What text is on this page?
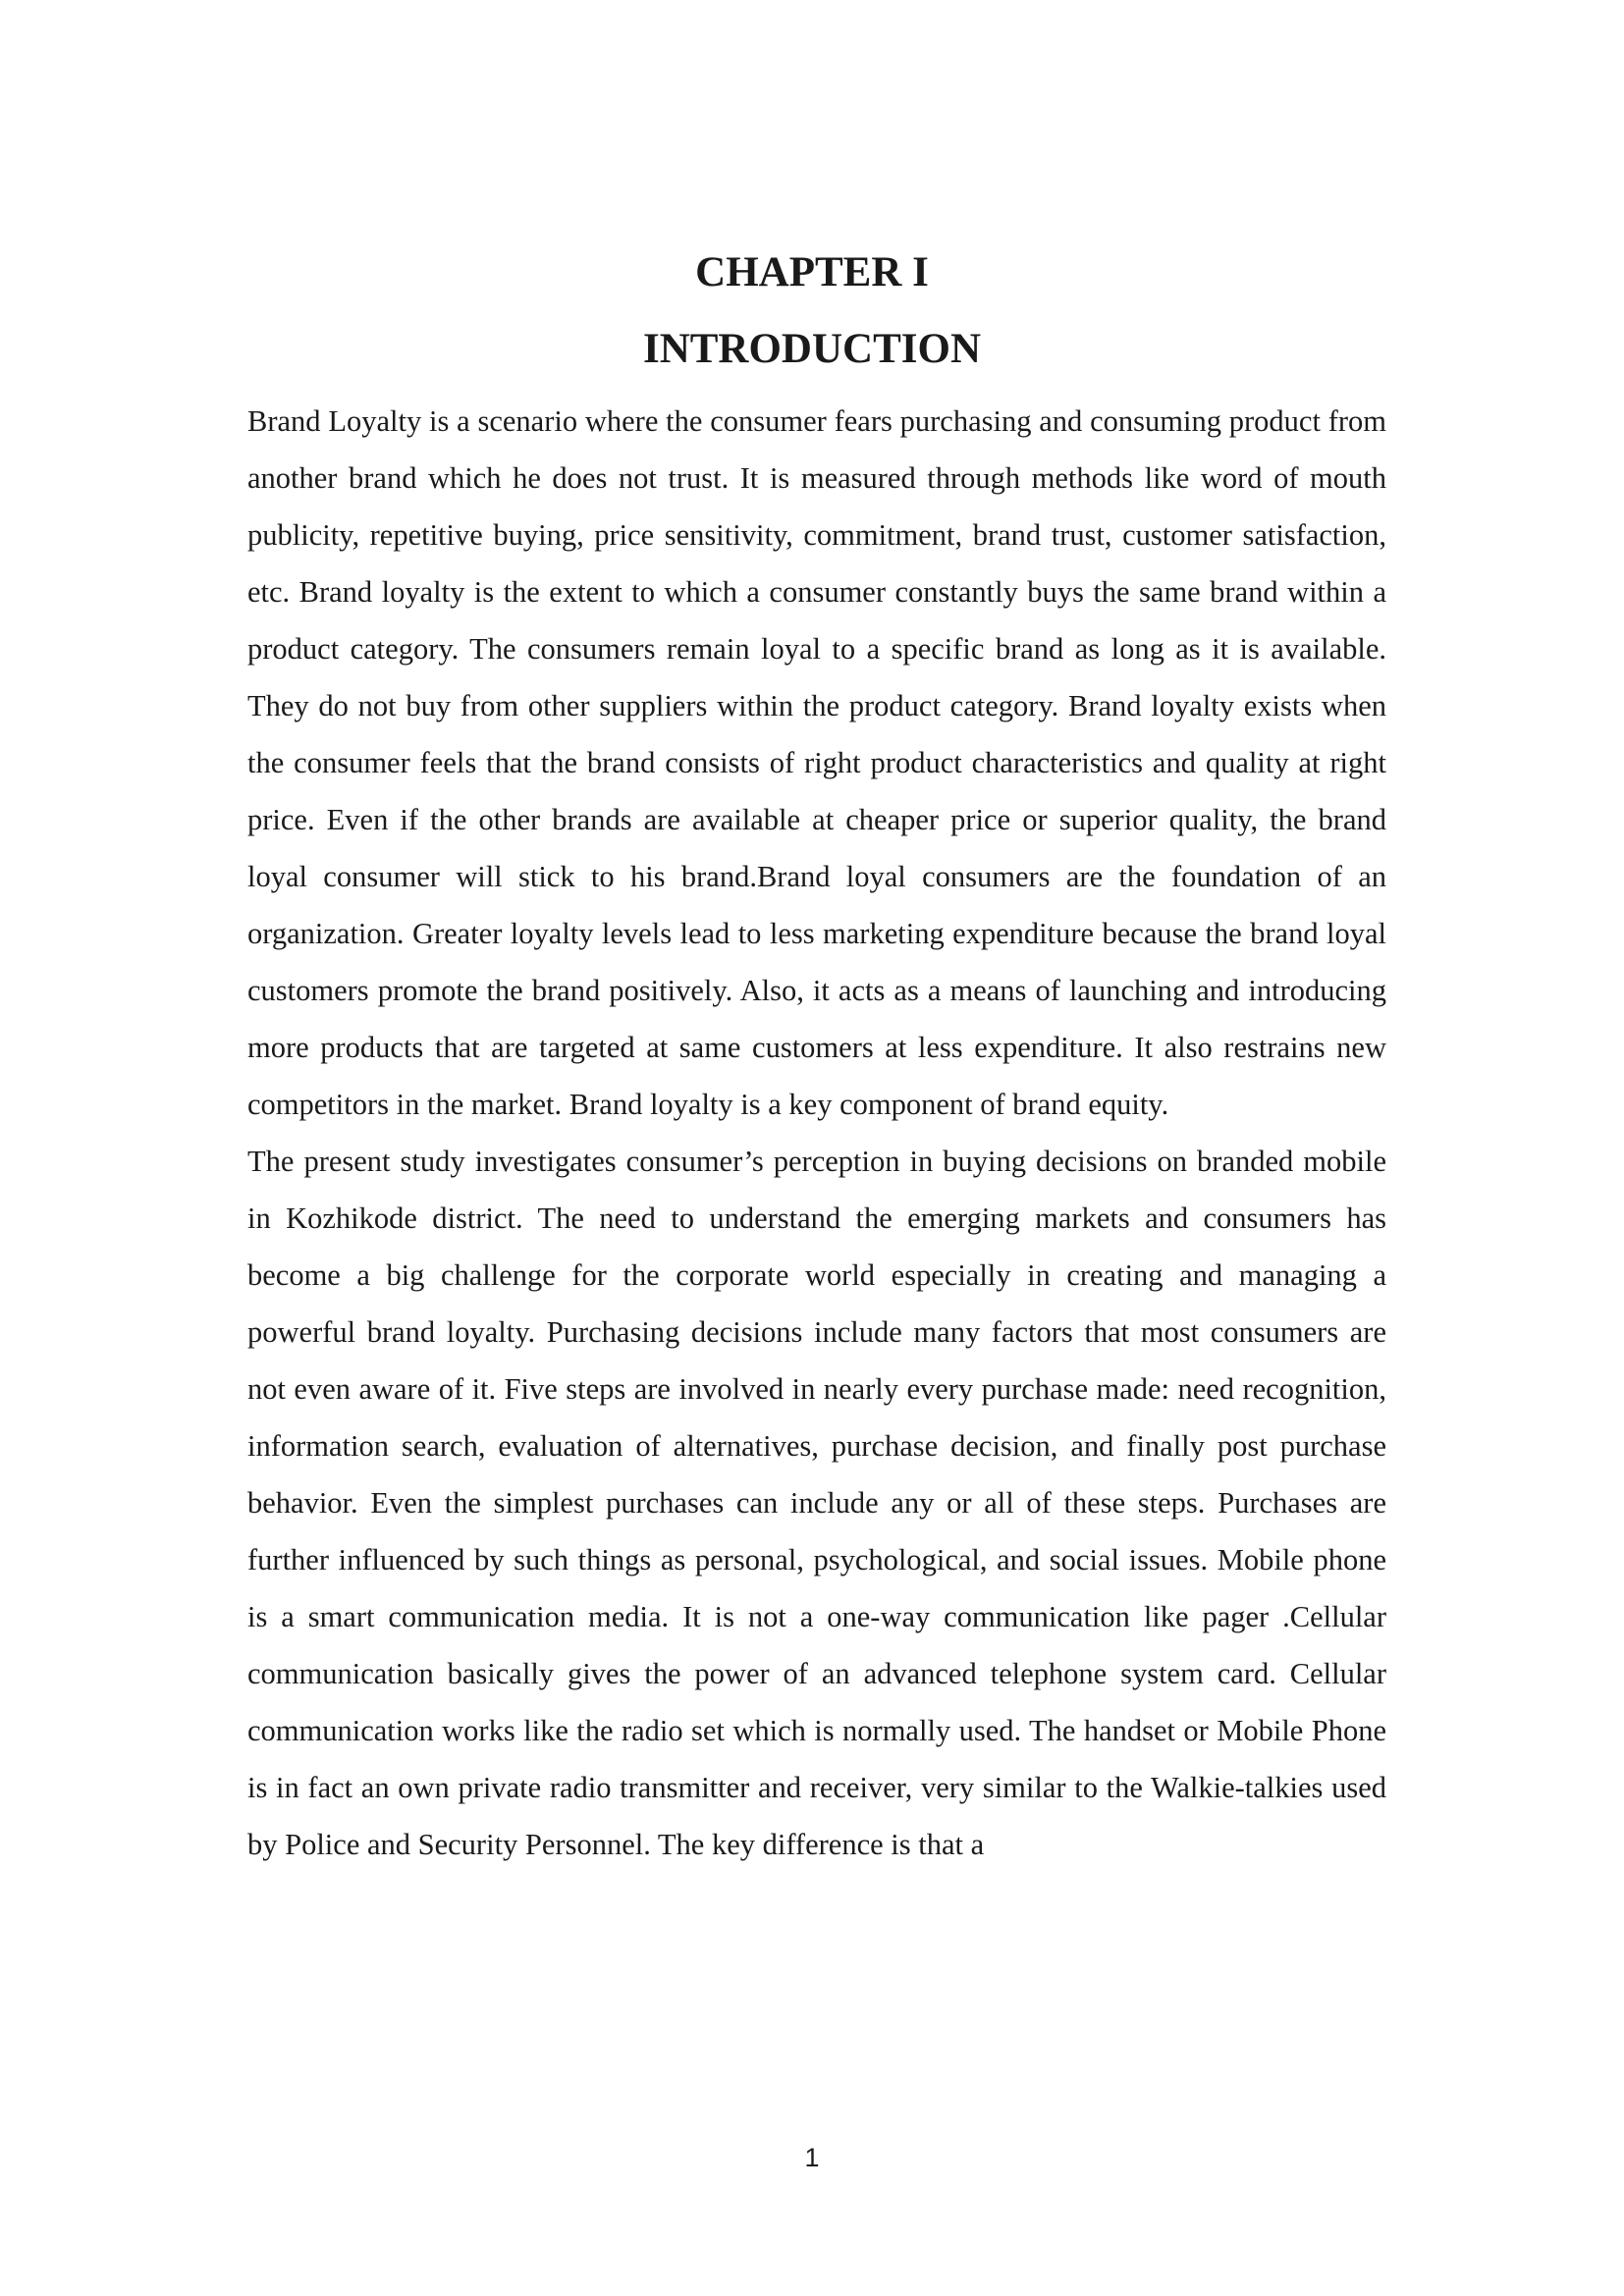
CHAPTER I
INTRODUCTION

Brand Loyalty is a scenario where the consumer fears purchasing and consuming product from another brand which he does not trust. It is measured through methods like word of mouth publicity, repetitive buying, price sensitivity, commitment, brand trust, customer satisfaction, etc. Brand loyalty is the extent to which a consumer constantly buys the same brand within a product category. The consumers remain loyal to a specific brand as long as it is available. They do not buy from other suppliers within the product category. Brand loyalty exists when the consumer feels that the brand consists of right product characteristics and quality at right price. Even if the other brands are available at cheaper price or superior quality, the brand loyal consumer will stick to his brand.Brand loyal consumers are the foundation of an organization. Greater loyalty levels lead to less marketing expenditure because the brand loyal customers promote the brand positively. Also, it acts as a means of launching and introducing more products that are targeted at same customers at less expenditure. It also restrains new competitors in the market. Brand loyalty is a key component of brand equity.

The present study investigates consumer’s perception in buying decisions on branded mobile in Kozhikode district. The need to understand the emerging markets and consumers has become a big challenge for the corporate world especially in creating and managing a powerful brand loyalty. Purchasing decisions include many factors that most consumers are not even aware of it. Five steps are involved in nearly every purchase made: need recognition, information search, evaluation of alternatives, purchase decision, and finally post purchase behavior. Even the simplest purchases can include any or all of these steps. Purchases are further influenced by such things as personal, psychological, and social issues. Mobile phone is a smart communication media. It is not a one-way communication like pager .Cellular communication basically gives the power of an advanced telephone system card. Cellular communication works like the radio set which is normally used. The handset or Mobile Phone is in fact an own private radio transmitter and receiver, very similar to the Walkie-talkies used by Police and Security Personnel. The key difference is that a

1
